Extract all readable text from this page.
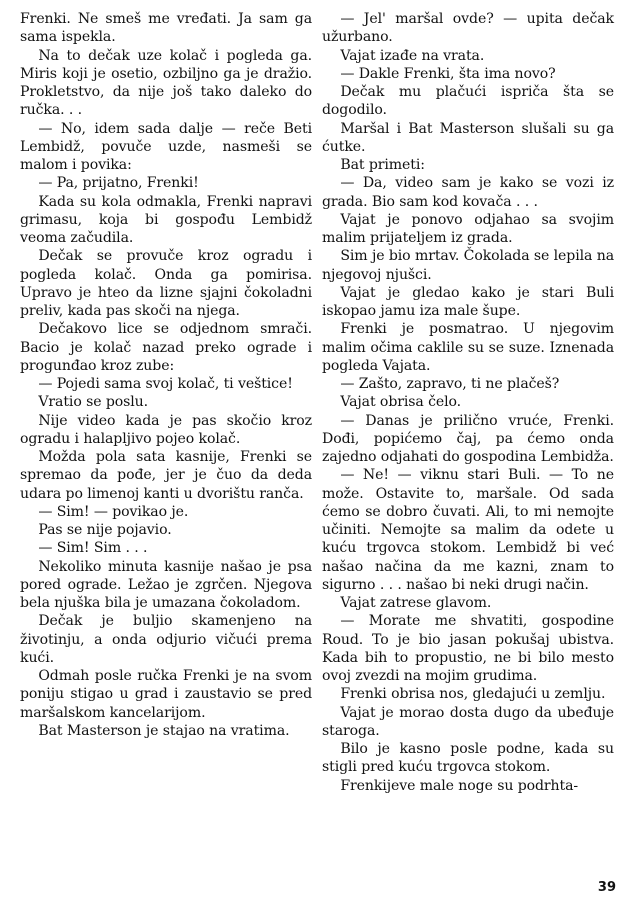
Frenki. Ne smeš me vređati. Ja sam ga sama ispekla.

Na to dečak uze kolač i pogleda ga. Miris koji je osetio, ozbiljno ga je dražio. Prokletstvo, da nije još tako daleko do ručka. . .

— No, idem sada dalje — reče Beti Lembidž, povuče uzde, nasmeši se malom i povika:

— Pa, prijatno, Frenki!

Kada su kola odmakla, Frenki napravi grimasu, koja bi gospođu Lembidž veoma začudila.

Dečak se provuče kroz ogradu i pogleda kolač. Onda ga pomirisa. Upravo je hteo da lizne sjajni čokoladni preliv, kada pas skoči na njega.

Dečakovo lice se odjednom smrači. Bacio je kolač nazad preko ograde i progunđao kroz zube:

— Pojedi sama svoj kolač, ti veštice!

Vratio se poslu.

Nije video kada je pas skočio kroz ogradu i halapljivo pojeo kolač.

Možda pola sata kasnije, Frenki se spremao da pođe, jer je čuo da deda udara po limenoj kanti u dvorištu ranča.

— Sim! — povikao je.

Pas se nije pojavio.

— Sim! Sim . . .

Nekoliko minuta kasnije našao je psa pored ograde. Ležao je zgrčen. Njegova bela njuška bila je umazana čokoladom.

Dečak je buljio skamenjeno na životinju, a onda odjurio vičući prema kući.

Odmah posle ručka Frenki je na svom poniju stigao u grad i zaustavio se pred maršalskom kancelarijom.

Bat Masterson je stajao na vratima.

— Jel' maršal ovde? — upita dečak užurbano.

Vajat izađe na vrata.

— Dakle Frenki, šta ima novo?

Dečak mu plačući ispriča šta se dogodilo.

Maršal i Bat Masterson slušali su ga ćutke.

Bat primeti:

— Da, video sam je kako se vozi iz grada. Bio sam kod kovača . . .

Vajat je ponovo odjahao sa svojim malim prijateljem iz grada.

Sim je bio mrtav. Čokolada se lepila na njegovoj njušci.

Vajat je gledao kako je stari Buli iskopao jamu iza male šupe.

Frenki je posmatrao. U njegovim malim očima caklile su se suze. Iznenada pogleda Vajata.

— Zašto, zapravo, ti ne plačeš?

Vajat obrisa čelo.

— Danas je prilično vruće, Frenki. Dođi, popićemo čaj, pa ćemo onda zajedno odjahati do gospodina Lembidža.

— Ne! — viknu stari Buli. — To ne može. Ostavite to, maršale. Od sada ćemo se dobro čuvati. Ali, to mi nemojte učiniti. Nemojte sa malim da odete u kuću trgovca stokom. Lembidž bi već našao načina da me kazni, znam to sigurno . . . našao bi neki drugi način.

Vajat zatrese glavom.

— Morate me shvatiti, gospodine Roud. To je bio jasan pokušaj ubistva. Kada bih to propustio, ne bi bilo mesto ovoj zvezdi na mojim grudima.

Frenki obrisa nos, gledajući u zemlju.

Vajat je morao dosta dugo da ubeđuje staroga.

Bilo je kasno posle podne, kada su stigli pred kuću trgovca stokom.

Frenkijeve male noge su podrhta-

39
